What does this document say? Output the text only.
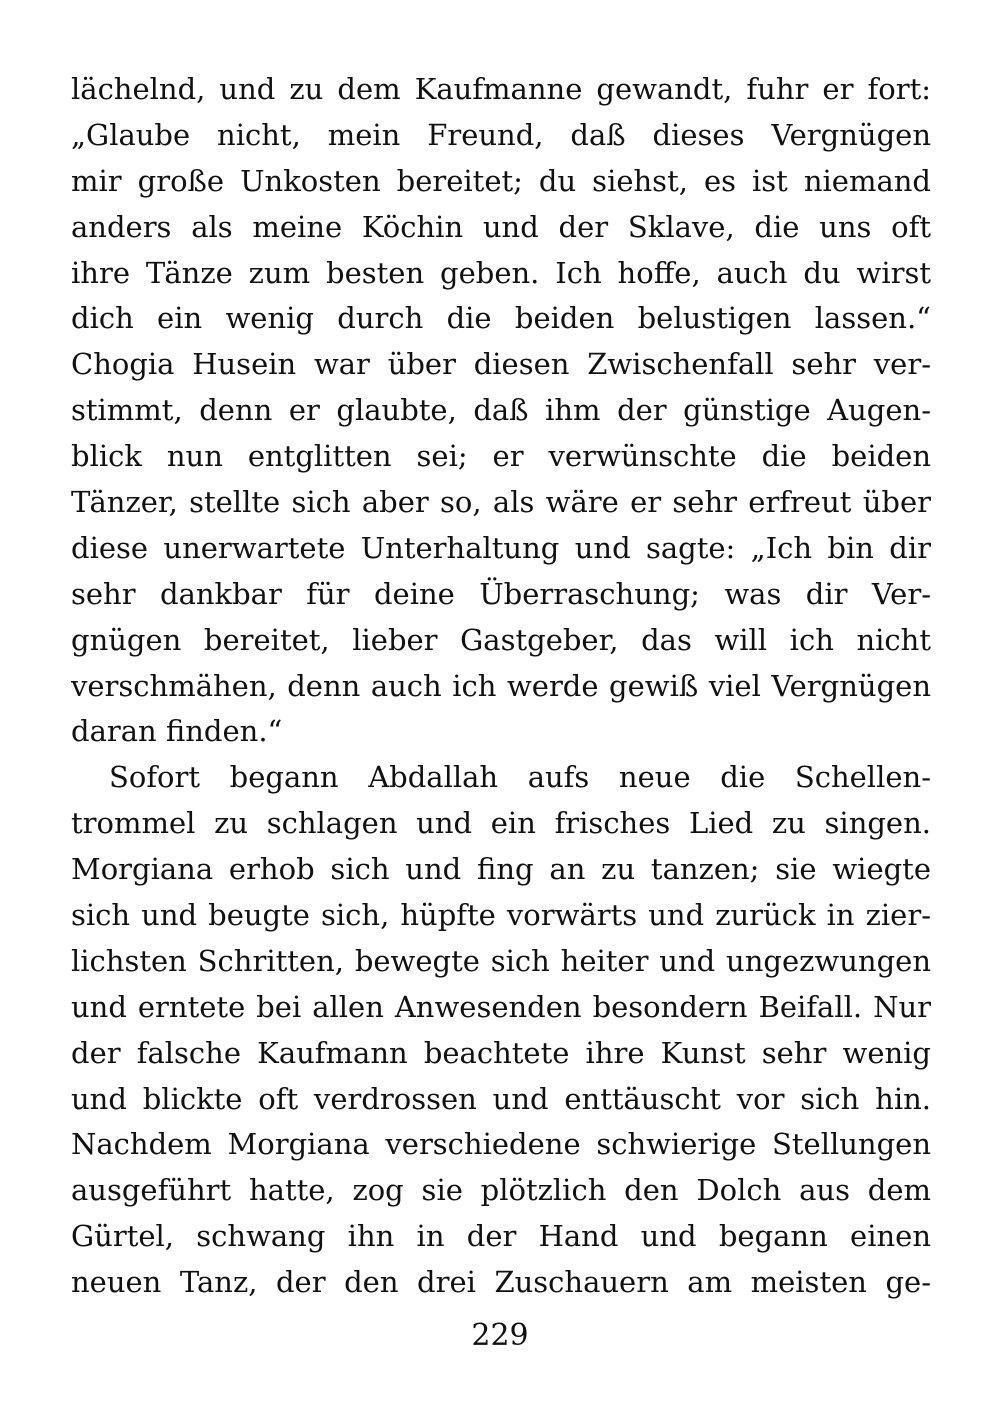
lächelnd, und zu dem Kaufmanne gewandt, fuhr er fort:
„Glaube nicht, mein Freund, daß dieses Vergnügen
mir große Unkosten bereitet; du siehst, es ist niemand
anders als meine Köchin und der Sklave, die uns oft
ihre Tänze zum besten geben. Ich hoffe, auch du wirst
dich ein wenig durch die beiden belustigen lassen.“
Chogia Husein war über diesen Zwischenfall sehr ver-
stimmt, denn er glaubte, daß ihm der günstige Augen-
blick nun entglitten sei; er verwünschte die beiden
Tänzer, stellte sich aber so, als wäre er sehr erfreut über
diese unerwartete Unterhaltung und sagte: „Ich bin dir
sehr dankbar für deine Überraschung; was dir Ver-
gnügen bereitet, lieber Gastgeber, das will ich nicht
verschmähen, denn auch ich werde gewiß viel Vergnügen
daran finden.“
Sofort begann Abdallah aufs neue die Schellen-
trommel zu schlagen und ein frisches Lied zu singen.
Morgiana erhob sich und fing an zu tanzen; sie wiegte
sich und beugte sich, hüpfte vorwärts und zurück in zier-
lichsten Schritten, bewegte sich heiter und ungezwungen
und erntete bei allen Anwesenden besondern Beifall. Nur
der falsche Kaufmann beachtete ihre Kunst sehr wenig
und blickte oft verdrossen und enttäuscht vor sich hin.
Nachdem Morgiana verschiedene schwierige Stellungen
ausgeführt hatte, zog sie plötzlich den Dolch aus dem
Gürtel, schwang ihn in der Hand und begann einen
neuen Tanz, der den drei Zuschauern am meisten ge-
229
